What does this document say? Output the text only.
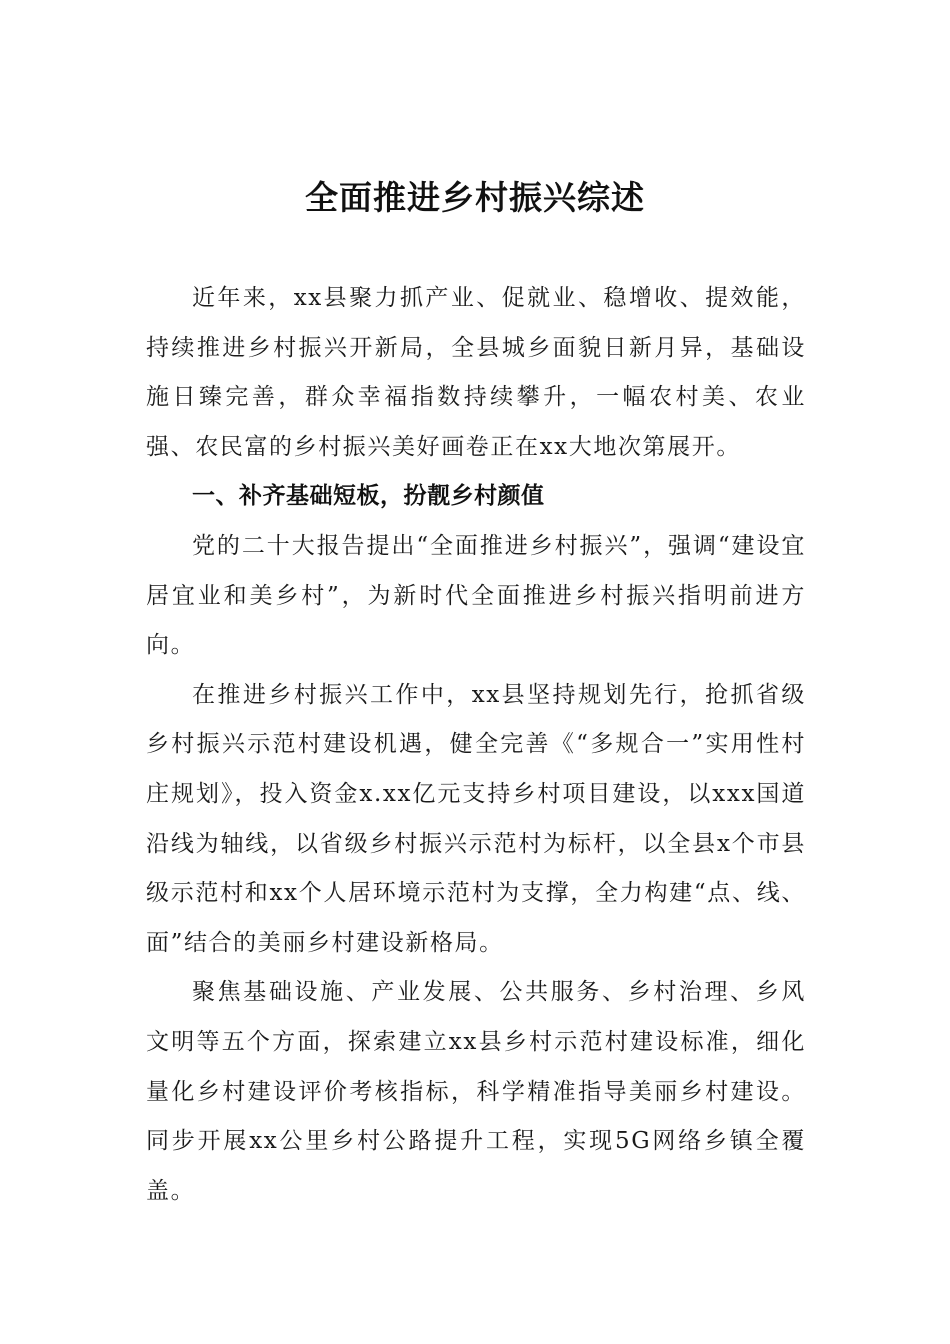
全面推进乡村振兴综述

近年来，xx县聚力抓产业、促就业、稳增收、提效能，持续推进乡村振兴开新局，全县城乡面貌日新月异，基础设施日臻完善，群众幸福指数持续攀升，一幅农村美、农业强、农民富的乡村振兴美好画卷正在xx大地次第展开。

一、补齐基础短板，扮靓乡村颜值

党的二十大报告提出“全面推进乡村振兴”，强调“建设宜居宜业和美乡村”，为新时代全面推进乡村振兴指明前进方向。

在推进乡村振兴工作中，xx县坚持规划先行，抢抓省级乡村振兴示范村建设机遇，健全完善《“多规合一”实用性村庄规划》，投入资金x.xx亿元支持乡村项目建设，以xxx国道沿线为轴线，以省级乡村振兴示范村为标杆，以全县x个市县级示范村和xx个人居环境示范村为支撑，全力构建“点、线、面”结合的美丽乡村建设新格局。

聚焦基础设施、产业发展、公共服务、乡村治理、乡风文明等五个方面，探索建立xx县乡村示范村建设标准，细化量化乡村建设评价考核指标，科学精准指导美丽乡村建设。同步开展xx公里乡村公路提升工程，实现5G网络乡镇全覆盖。
